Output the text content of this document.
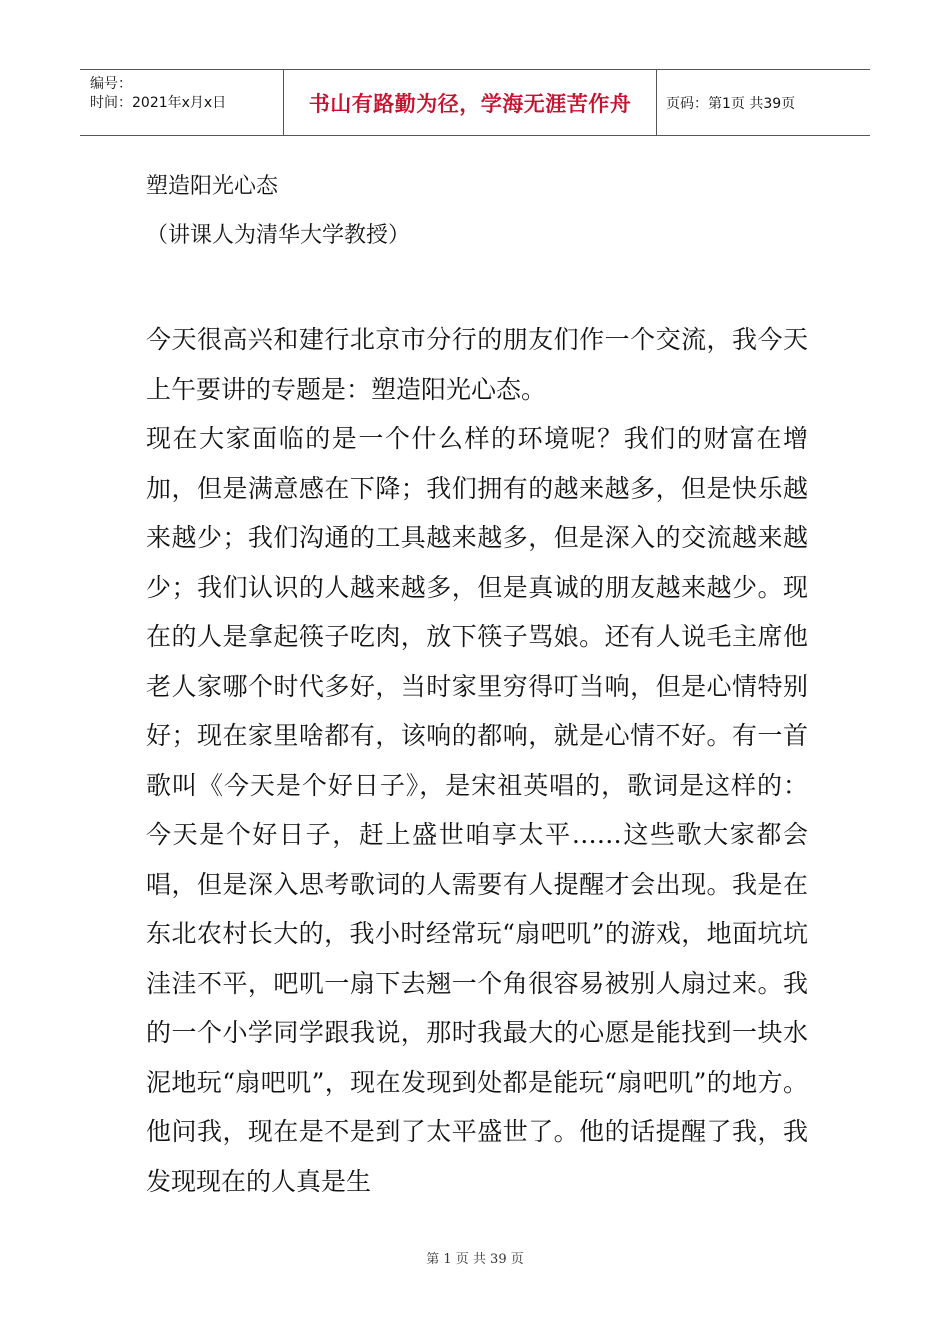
编号：
时间：2021年x月x日	书山有路勤为径，学海无涯苦作舟	页码：第1页 共39页
塑造阳光心态
（讲课人为清华大学教授）

今天很高兴和建行北京市分行的朋友们作一个交流，我今天上午要讲的专题是：塑造阳光心态。

现在大家面临的是一个什么样的环境呢？我们的财富在增加，但是满意感在下降；我们拥有的越来越多，但是快乐越来越少；我们沟通的工具越来越多，但是深入的交流越来越少；我们认识的人越来越多，但是真诚的朋友越来越少。现在的人是拿起筷子吃肉，放下筷子骂娘。还有人说毛主席他老人家哪个时代多好，当时家里穷得叮当响，但是心情特别好；现在家里啥都有，该响的都响，就是心情不好。有一首歌叫《今天是个好日子》，是宋祖英唱的，歌词是这样的：今天是个好日子，赶上盛世咱享太平……这些歌大家都会唱，但是深入思考歌词的人需要有人提醒才会出现。我是在东北农村长大的，我小时经常玩“扇吧叽”的游戏，地面坑坑洼洼不平，吧叽一扇下去翘一个角很容易被别人扇过来。我的一个小学同学跟我说，那时我最大的心愿是能找到一块水泥地玩“扇吧叽”，现在发现到处都是能玩“扇吧叽”的地方。他问我，现在是不是到了太平盛世了。他的话提醒了我，我发现现在的人真是生

第 1 页 共 39 页
